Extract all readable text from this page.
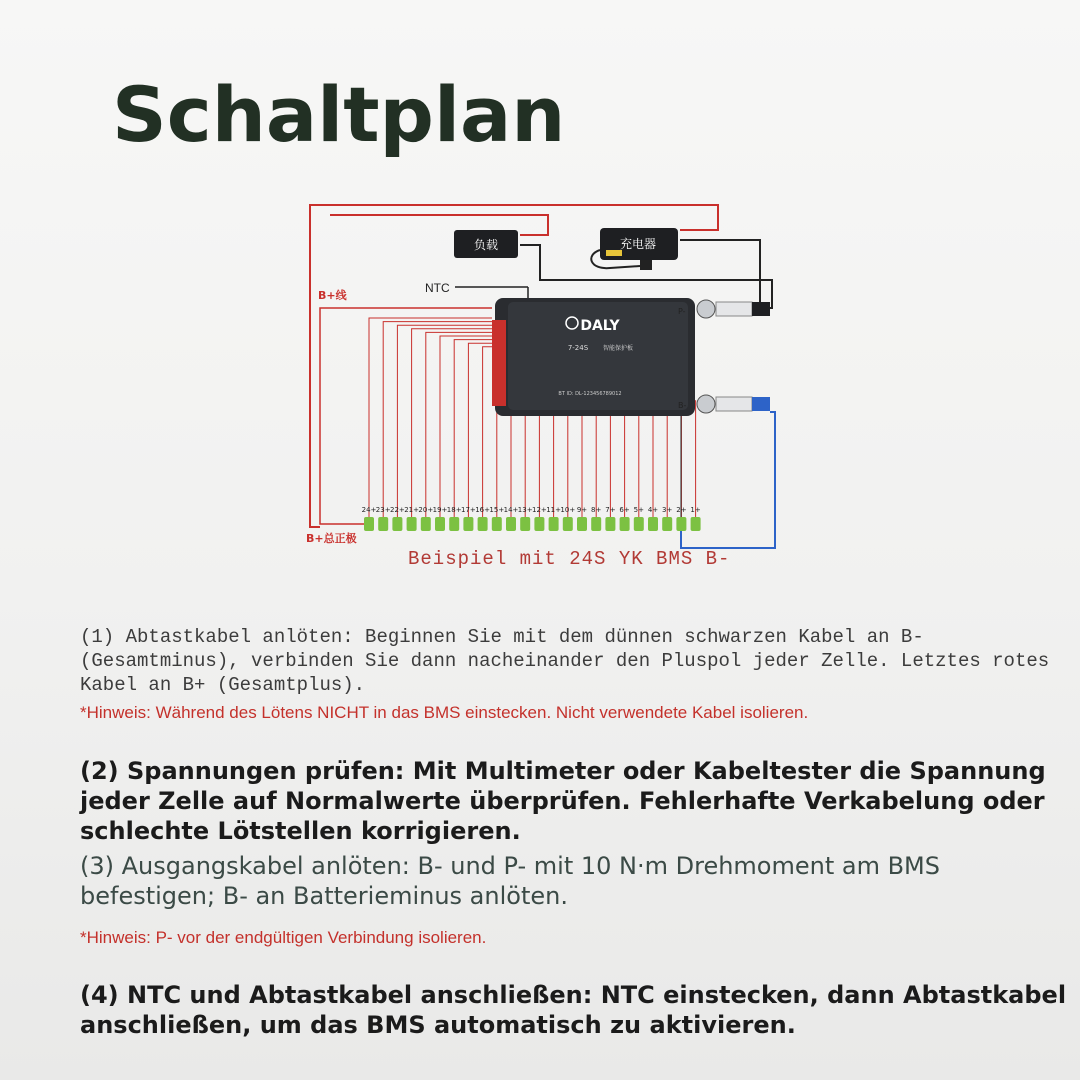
Schaltplan
负载	充电器
NTC
B+线
B+总正极
DALY
7-24S 智能保护板
BT ID: DL-123456789012
P-
B-
24+ 23+ 22+ 21+ 20+ 19+ 18+ 17+ 16+ 15+ 14+ 13+ 12+ 11+ 10+ 9+ 8+ 7+ 6+ 5+ 4+ 3+ 2+ 1+
Beispiel mit 24S YK BMS B-
(1) Abtastkabel anlöten: Beginnen Sie mit dem dünnen schwarzen Kabel an B- (Gesamtminus), verbinden Sie dann nacheinander den Pluspol jeder Zelle. Letztes rotes Kabel an B+ (Gesamtplus).
*Hinweis: Während des Lötens NICHT in das BMS einstecken. Nicht verwendete Kabel isolieren.
(2) Spannungen prüfen: Mit Multimeter oder Kabeltester die Spannung jeder Zelle auf Normalwerte überprüfen. Fehlerhafte Verkabelung oder schlechte Lötstellen korrigieren.
(3) Ausgangskabel anlöten: B- und P- mit 10 N·m Drehmoment am BMS befestigen; B- an Batterieminus anlöten.
*Hinweis: P- vor der endgültigen Verbindung isolieren.
(4) NTC und Abtastkabel anschließen: NTC einstecken, dann Abtastkabel anschließen, um das BMS automatisch zu aktivieren.
